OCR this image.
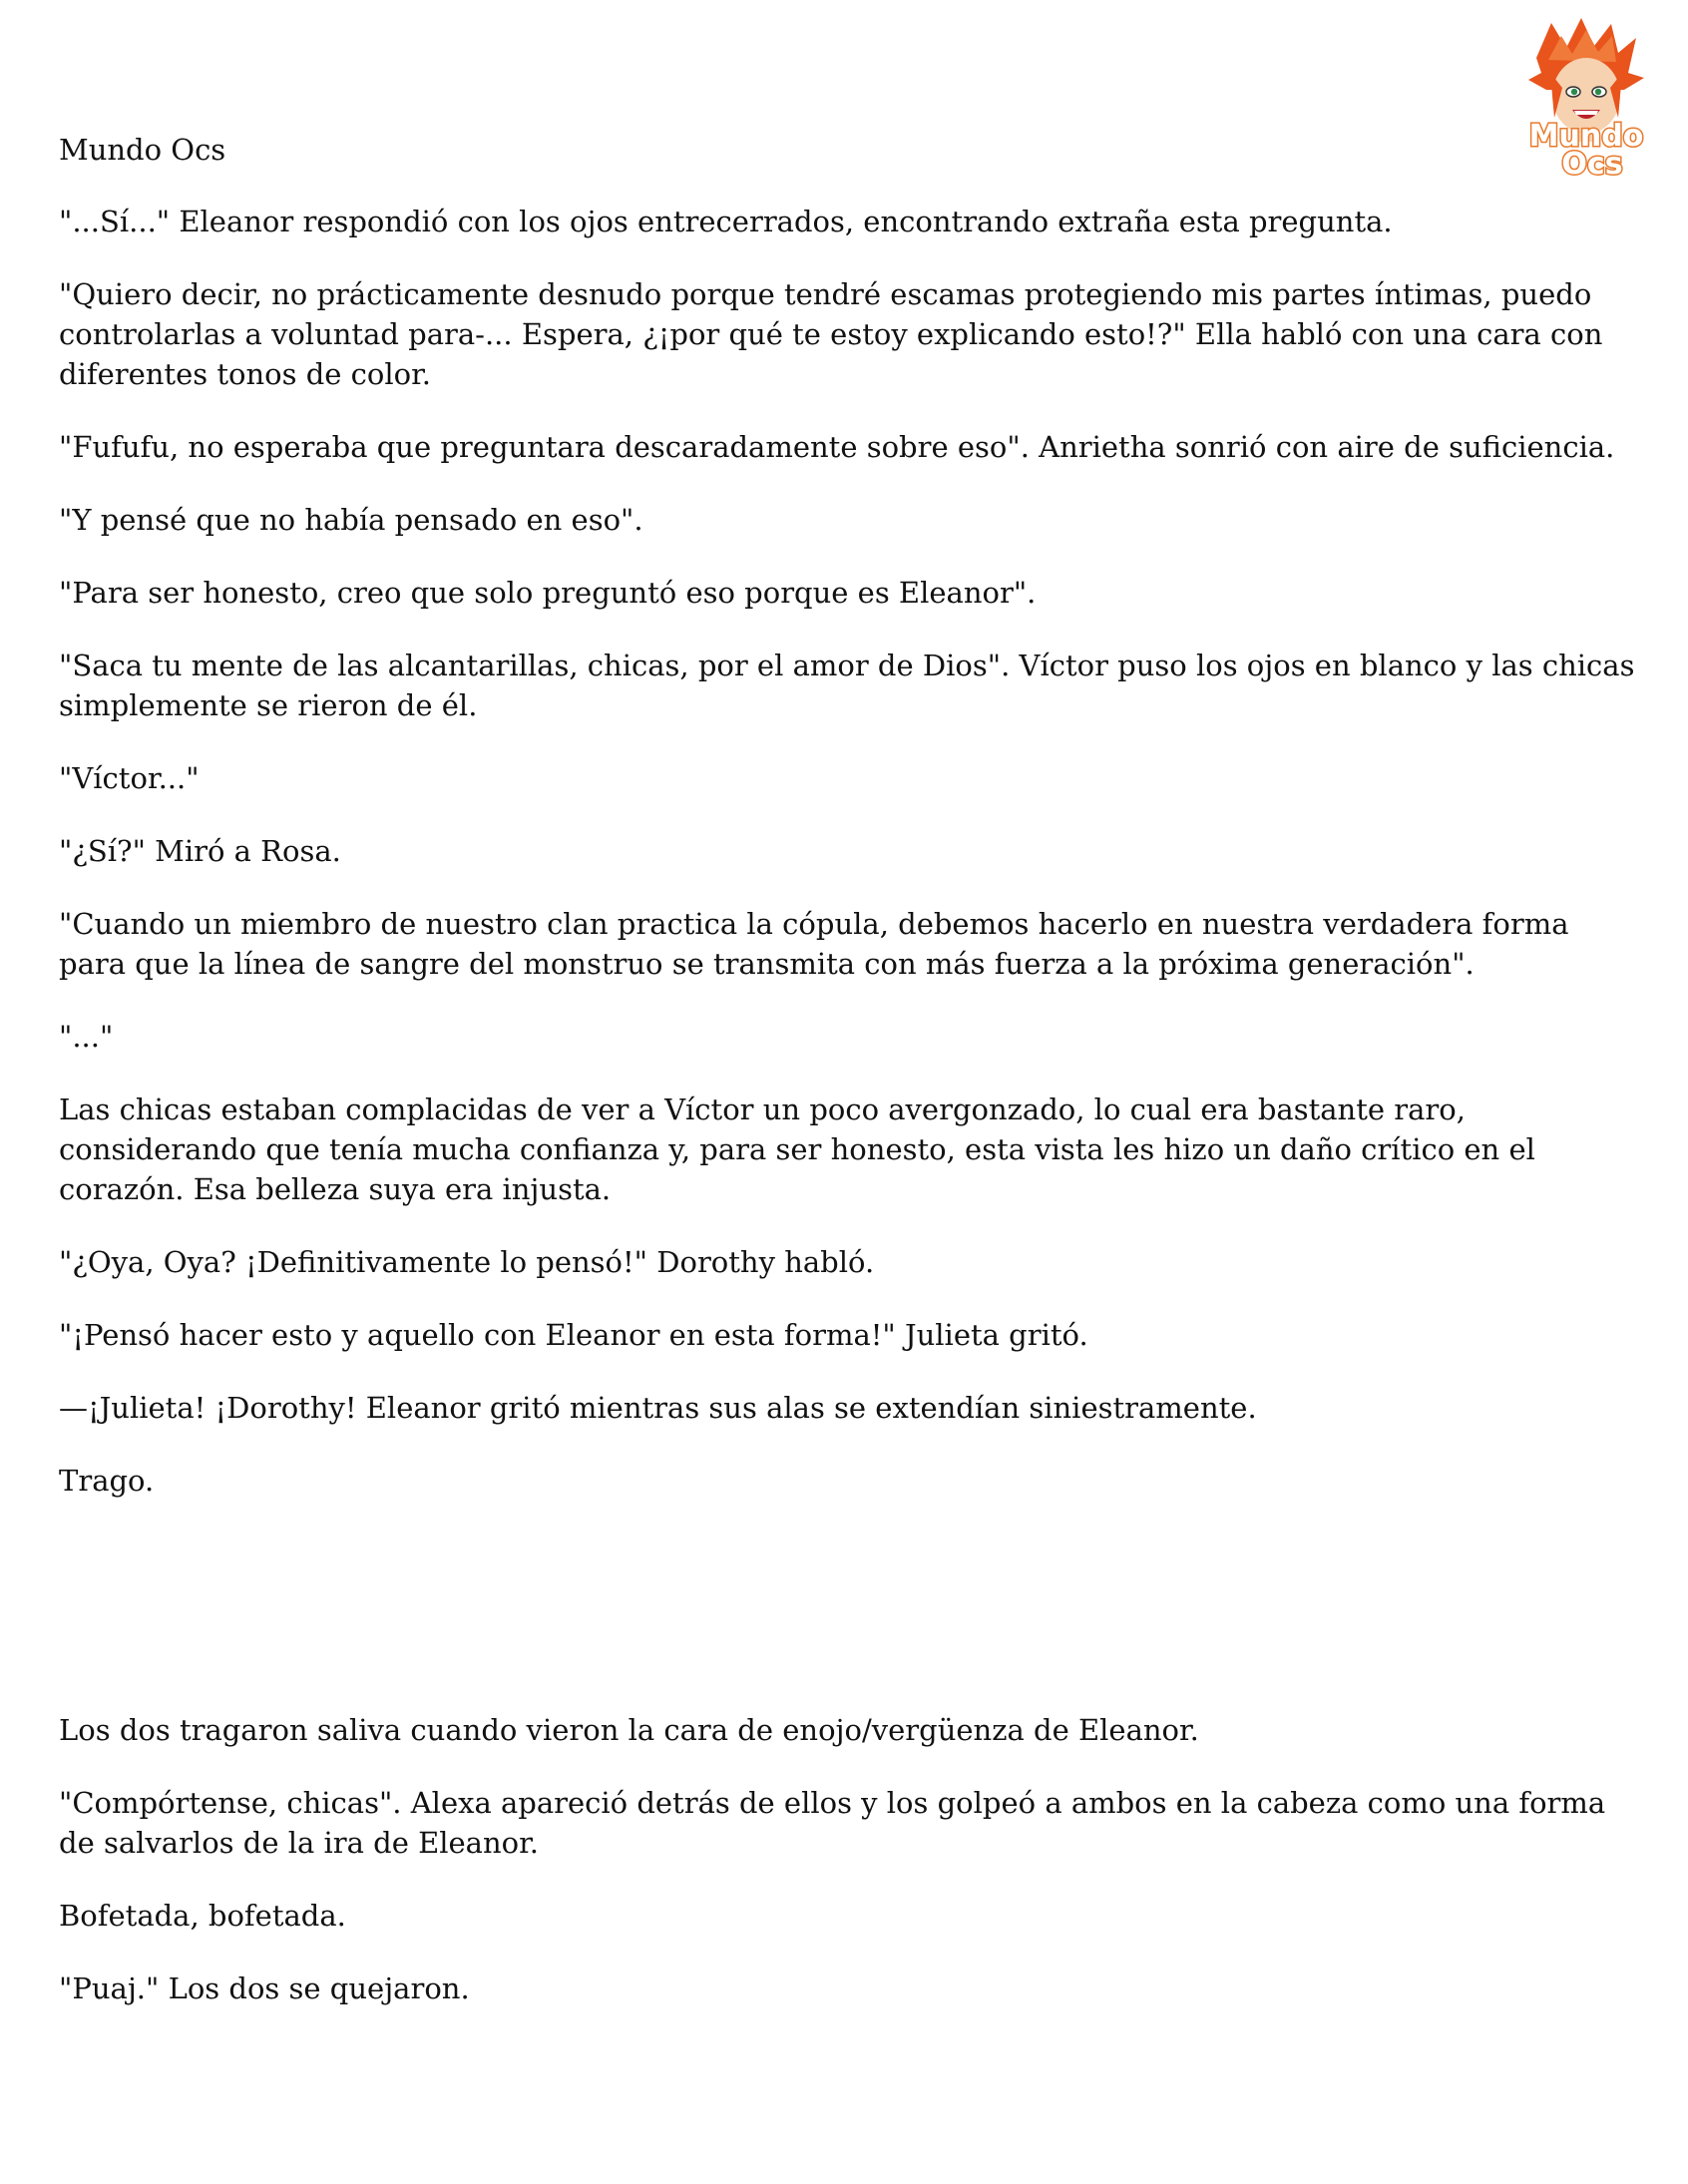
Mundo Ocs	Mundo
Ocs

"...Sí..." Eleanor respondió con los ojos entrecerrados, encontrando extraña esta pregunta.

"Quiero decir, no prácticamente desnudo porque tendré escamas protegiendo mis partes íntimas, puedo controlarlas a voluntad para-... Espera, ¿¡por qué te estoy explicando esto!?" Ella habló con una cara con diferentes tonos de color.

"Fufufu, no esperaba que preguntara descaradamente sobre eso". Anrietha sonrió con aire de suficiencia.

"Y pensé que no había pensado en eso".

"Para ser honesto, creo que solo preguntó eso porque es Eleanor".

"Saca tu mente de las alcantarillas, chicas, por el amor de Dios". Víctor puso los ojos en blanco y las chicas simplemente se rieron de él.

"Víctor..."

"¿Sí?" Miró a Rosa.

"Cuando un miembro de nuestro clan practica la cópula, debemos hacerlo en nuestra verdadera forma para que la línea de sangre del monstruo se transmita con más fuerza a la próxima generación".

"..."

Las chicas estaban complacidas de ver a Víctor un poco avergonzado, lo cual era bastante raro, considerando que tenía mucha confianza y, para ser honesto, esta vista les hizo un daño crítico en el corazón. Esa belleza suya era injusta.

"¿Oya, Oya? ¡Definitivamente lo pensó!" Dorothy habló.

"¡Pensó hacer esto y aquello con Eleanor en esta forma!" Julieta gritó.

—¡Julieta! ¡Dorothy! Eleanor gritó mientras sus alas se extendían siniestramente.

Trago.

Los dos tragaron saliva cuando vieron la cara de enojo/vergüenza de Eleanor.

"Compórtense, chicas". Alexa apareció detrás de ellos y los golpeó a ambos en la cabeza como una forma de salvarlos de la ira de Eleanor.

Bofetada, bofetada.

"Puaj." Los dos se quejaron.
